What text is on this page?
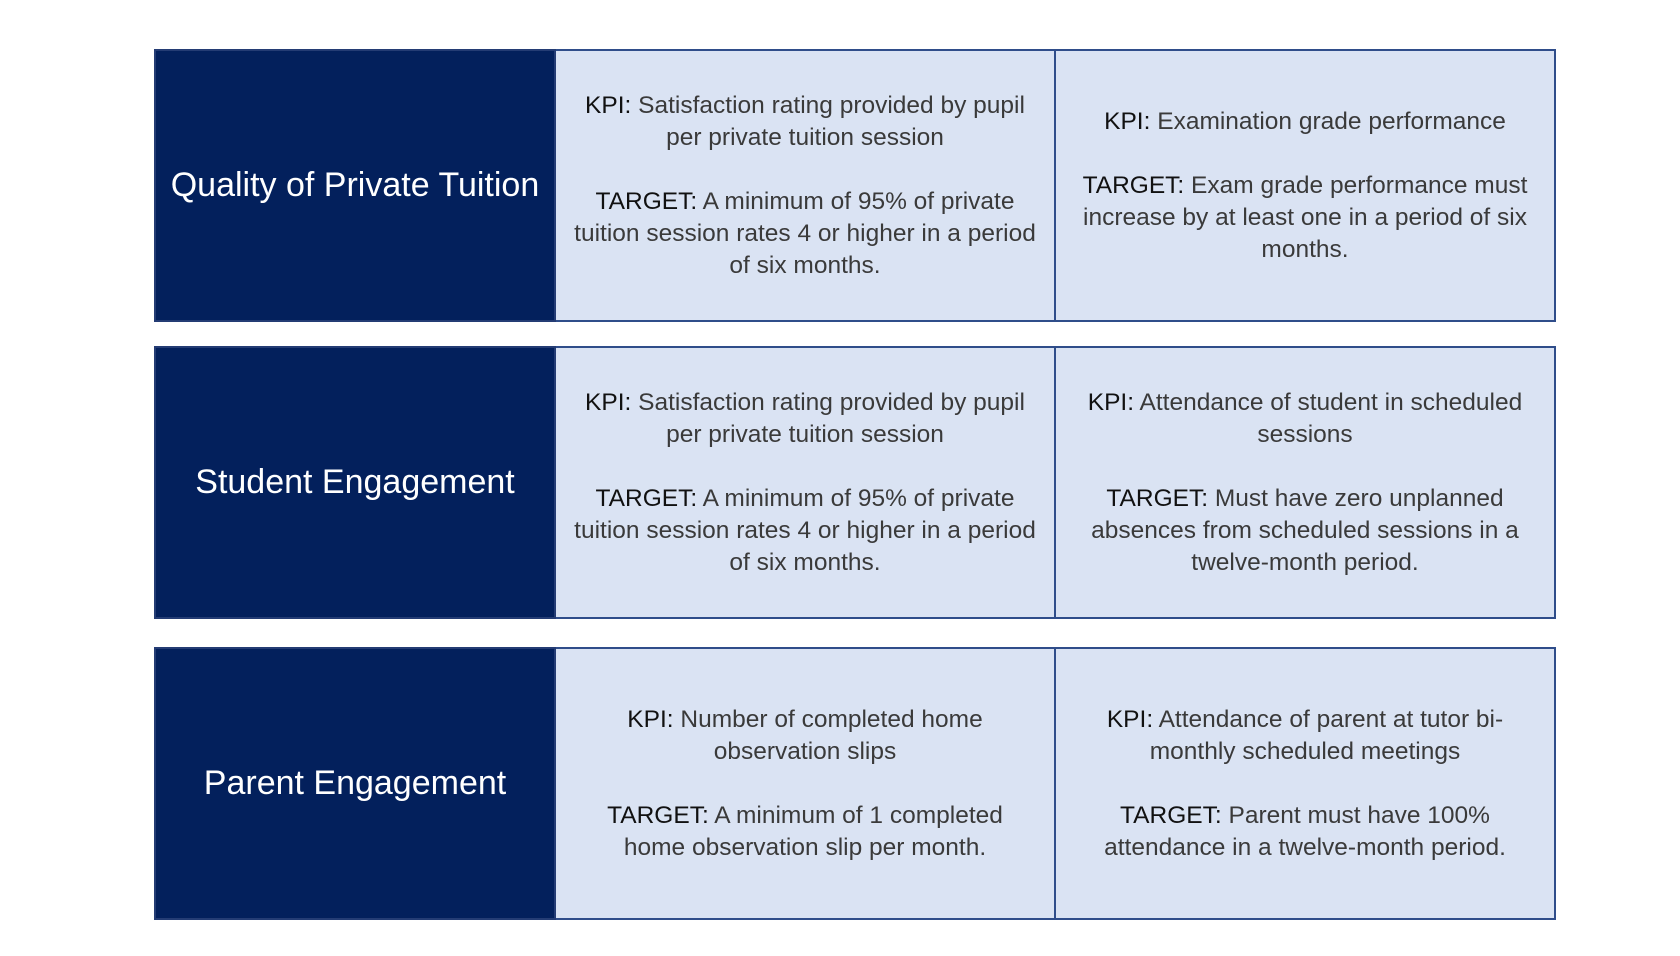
Quality of Private Tuition

KPI: Satisfaction rating provided by pupil per private tuition session

TARGET: A minimum of 95% of private tuition session rates 4 or higher in a period of six months.

KPI: Examination grade performance

TARGET: Exam grade performance must increase by at least one in a period of six months.

Student Engagement

KPI: Satisfaction rating provided by pupil per private tuition session

TARGET: A minimum of 95% of private tuition session rates 4 or higher in a period of six months.

KPI: Attendance of student in scheduled sessions

TARGET: Must have zero unplanned absences from scheduled sessions in a twelve-month period.

Parent Engagement

KPI: Number of completed home observation slips

TARGET: A minimum of 1 completed home observation slip per month.

KPI: Attendance of parent at tutor bi-monthly scheduled meetings

TARGET: Parent must have 100% attendance in a twelve-month period.
